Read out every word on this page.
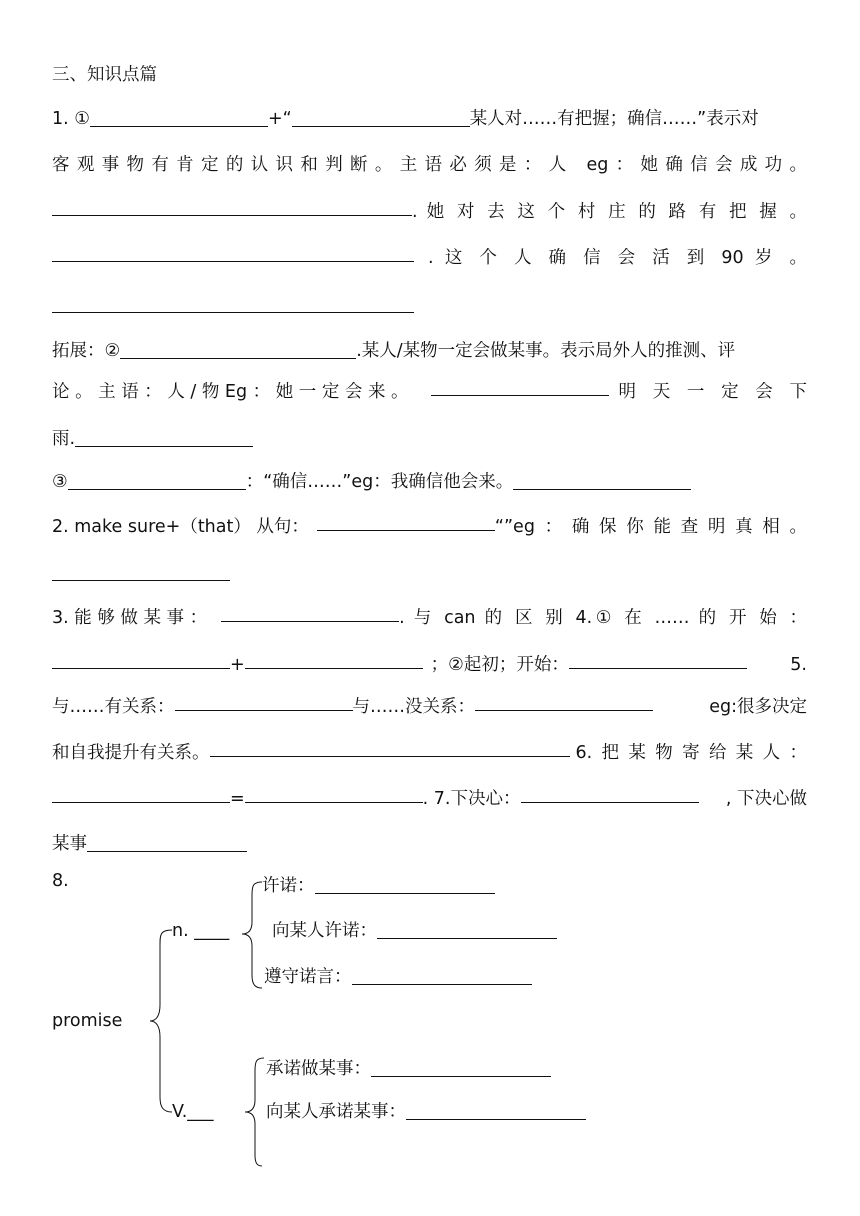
三、知识点篇
1. ①	+“	某人对……有把握；确信……”表示对
客观事物有肯定的认识和判断。主语必须是：人 eg：她确信会成功。
. 她 对 去 这 个 村 庄 的 路 有 把 握 。
. 这 个 人 确 信 会 活 到 90 岁 。
拓展：②	.某人/某物一定会做某事。表示局外人的推测、评
论 。 主 语 ： 人 / 物 Eg ： 她 一 定 会 来 。	明 天 一 定 会 下
雨.
③	：“确信……”eg：我确信他会来。
2. make sure+（that） 从句：	“”eg：确保你能查明真相。
3. 能 够 做 某 事 ：	. 与 can 的 区 别 4.① 在 …… 的 开 始 ：
+	；②起初；开始：	5.
与……有关系：	与……没关系：	eg:很多决定
和自我提升有关系。	6.把某物寄给某人：
=	. 7.下决心：	, 下决心做
某事
8.
promise
n. ____
V.___
许诺：
向某人许诺：
遵守诺言：
承诺做某事：
向某人承诺某事：
